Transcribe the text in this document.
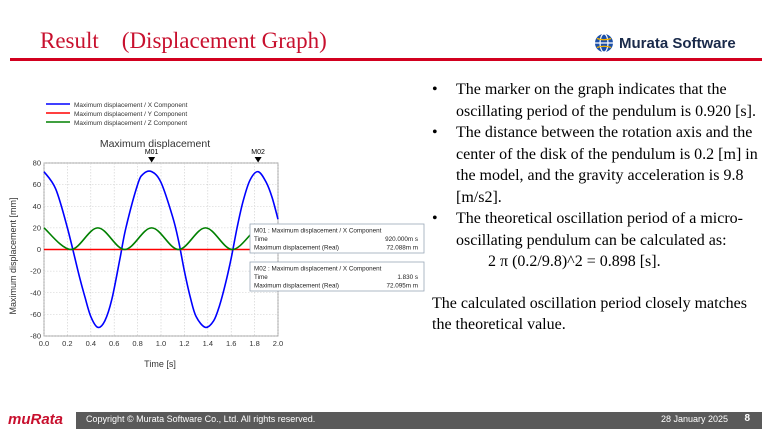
Result　(Displacement Graph)	Murata Software
Maximum displacement / X Component
Maximum displacement / Y Component
Maximum displacement / Z Component
Maximum displacement
0.0 0.2 0.4 0.6 0.8 1.0 1.2 1.4 1.6 1.8 2.0
80
60
40
20
0
-20
-40
-60
-80
M01
M01 : Maximum displacement / X Component
Time	920.000m s
Maximum displacement (Real)	72.088m m
M02
M02 : Maximum displacement / X Component
Time	1.830 s
Maximum displacement (Real)	72.095m m
Time [s]
Maximum displacement [mm]
• The marker on the graph indicates that the oscillating period of the pendulum is 0.920 [s].
• The distance between the rotation axis and the center of the disk of the pendulum is 0.2 [m] in the model, and the gravity acceleration is 9.8 [m/s2].
• The theoretical oscillation period of a micro-oscillating pendulum can be calculated as:
2 π (0.2/9.8)^2 = 0.898 [s].
The calculated oscillation period closely matches the theoretical value.
muRata	Copyright © Murata Software Co., Ltd. All rights reserved.	28 January 2025 8
